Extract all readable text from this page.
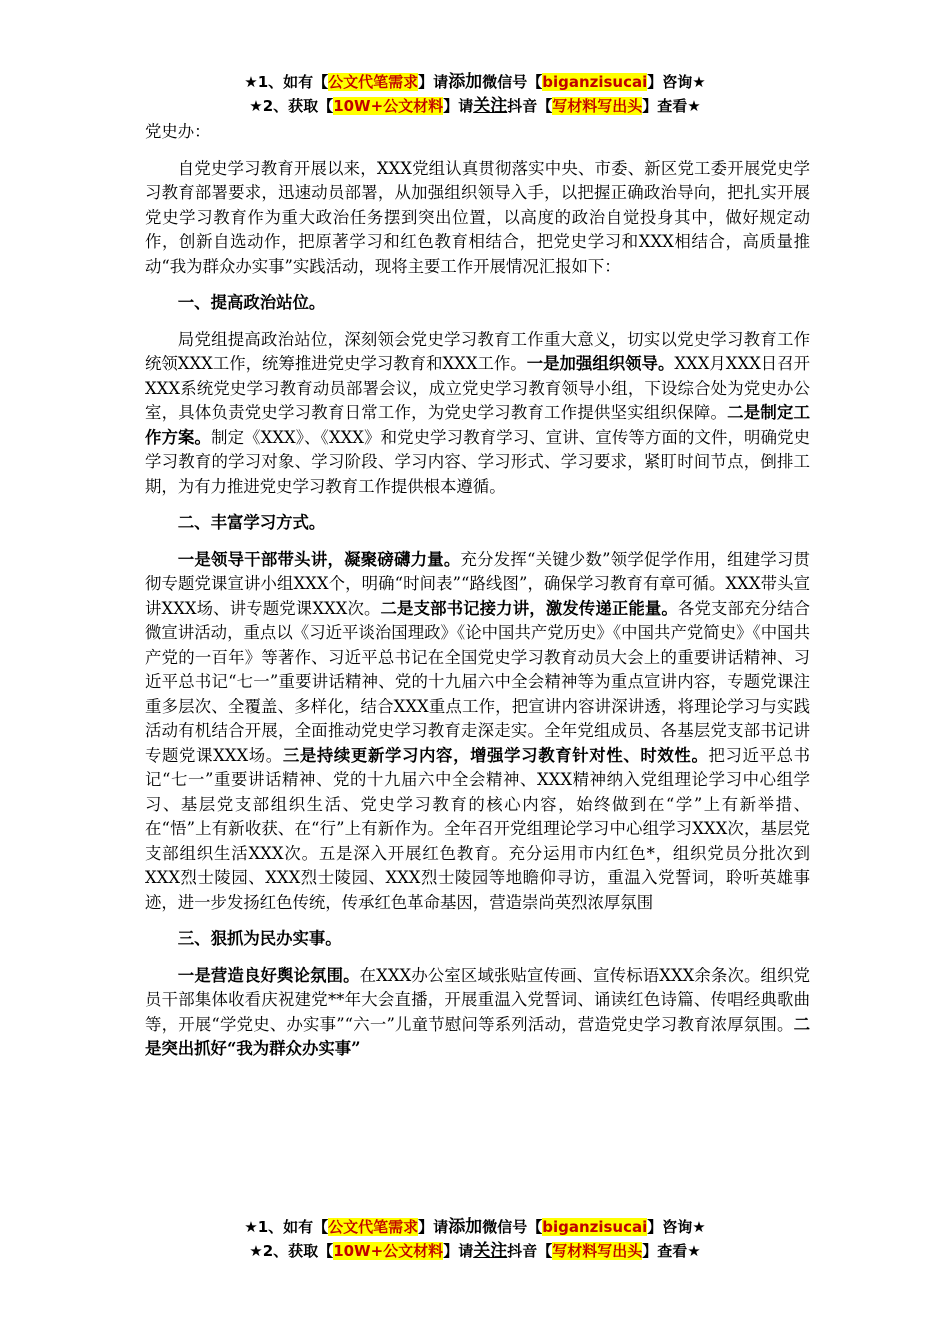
★1、如有【公文代笔需求】请添加微信号【biganzisucai】咨询★
★2、获取【10W+公文材料】请关注抖音【写材料写出头】查看★

党史办：

自党史学习教育开展以来，XXX党组认真贯彻落实中央、市委、新区党工委开展党史学习教育部署要求，迅速动员部署，从加强组织领导入手，以把握正确政治导向，把扎实开展党史学习教育作为重大政治任务摆到突出位置，以高度的政治自觉投身其中，做好规定动作，创新自选动作，把原著学习和红色教育相结合，把党史学习和XXX相结合，高质量推动“我为群众办实事”实践活动，现将主要工作开展情况汇报如下：

一、提高政治站位。

局党组提高政治站位，深刻领会党史学习教育工作重大意义，切实以党史学习教育工作统领XXX工作，统筹推进党史学习教育和XXX工作。一是加强组织领导。XXX月XXX日召开XXX系统党史学习教育动员部署会议，成立党史学习教育领导小组，下设综合处为党史办公室，具体负责党史学习教育日常工作，为党史学习教育工作提供坚实组织保障。二是制定工作方案。制定《XXX》、《XXX》和党史学习教育学习、宣讲、宣传等方面的文件，明确党史学习教育的学习对象、学习阶段、学习内容、学习形式、学习要求，紧盯时间节点，倒排工期，为有力推进党史学习教育工作提供根本遵循。

二、丰富学习方式。

一是领导干部带头讲，凝聚磅礴力量。充分发挥“关键少数”领学促学作用，组建学习贯彻专题党课宣讲小组XXX个，明确“时间表”“路线图”，确保学习教育有章可循。XXX带头宣讲XXX场、讲专题党课XXX次。二是支部书记接力讲，激发传递正能量。各党支部充分结合微宣讲活动，重点以《习近平谈治国理政》《论中国共产党历史》《中国共产党简史》《中国共产党的一百年》等著作、习近平总书记在全国党史学习教育动员大会上的重要讲话精神、习近平总书记“七一”重要讲话精神、党的十九届六中全会精神等为重点宣讲内容，专题党课注重多层次、全覆盖、多样化，结合XXX重点工作，把宣讲内容讲深讲透，将理论学习与实践活动有机结合开展，全面推动党史学习教育走深走实。全年党组成员、各基层党支部书记讲专题党课XXX场。三是持续更新学习内容，增强学习教育针对性、时效性。把习近平总书记“七一”重要讲话精神、党的十九届六中全会精神、XXX精神纳入党组理论学习中心组学习、基层党支部组织生活、党史学习教育的核心内容，始终做到在“学”上有新举措、在“悟”上有新收获、在“行”上有新作为。全年召开党组理论学习中心组学习XXX次，基层党支部组织生活XXX次。五是深入开展红色教育。充分运用市内红色*，组织党员分批次到XXX烈士陵园、XXX烈士陵园、XXX烈士陵园等地瞻仰寻访，重温入党誓词，聆听英雄事迹，进一步发扬红色传统，传承红色革命基因，营造崇尚英烈浓厚氛围

三、狠抓为民办实事。

一是营造良好舆论氛围。在XXX办公室区域张贴宣传画、宣传标语XXX余条次。组织党员干部集体收看庆祝建党**年大会直播，开展重温入党誓词、诵读红色诗篇、传唱经典歌曲等，开展“学党史、办实事”“六一”儿童节慰问等系列活动，营造党史学习教育浓厚氛围。二是突出抓好“我为群众办实事”

★1、如有【公文代笔需求】请添加微信号【biganzisucai】咨询★
★2、获取【10W+公文材料】请关注抖音【写材料写出头】查看★
